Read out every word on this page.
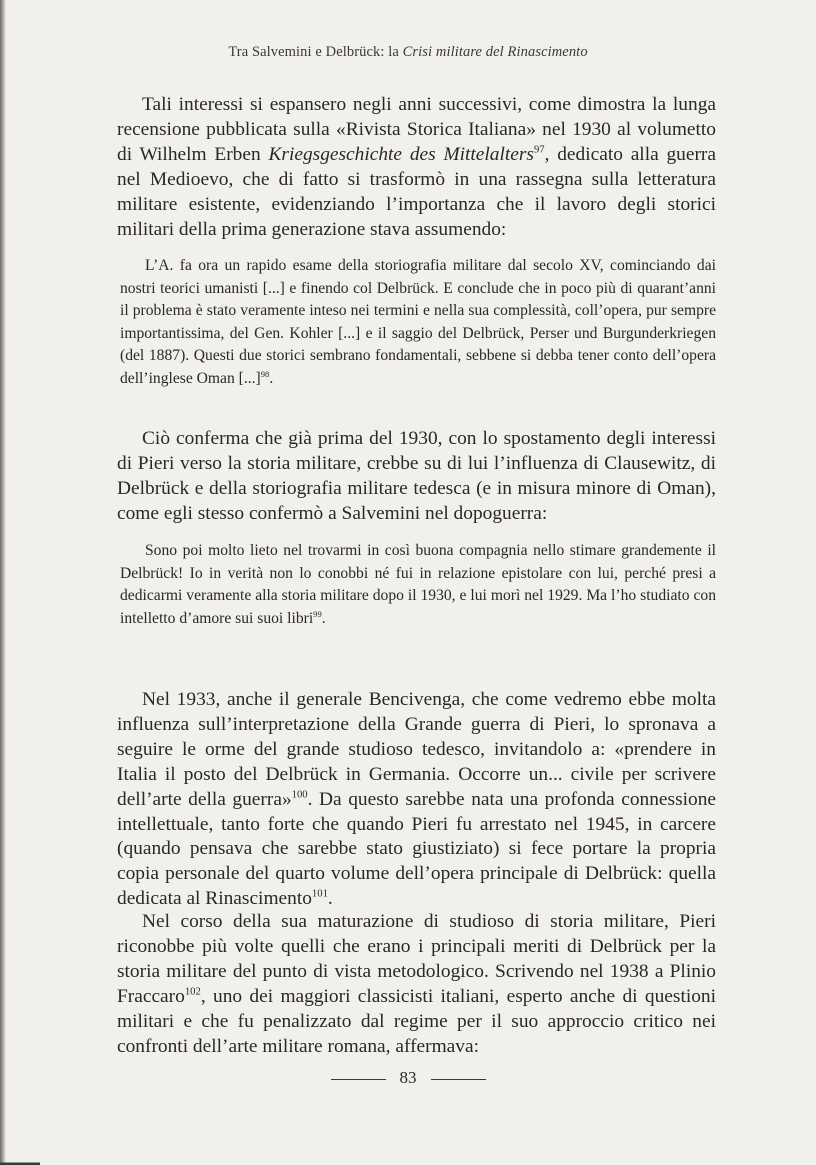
Tra Salvemini e Delbrück: la Crisi militare del Rinascimento

Tali interessi si espansero negli anni successivi, come dimostra la lunga recensione pubblicata sulla «Rivista Storica Italiana» nel 1930 al volumetto di Wilhelm Erben Kriegsgeschichte des Mittelalters$^{97}$, dedicato alla guerra nel Medioevo, che di fatto si trasformò in una rassegna sulla letteratura militare esistente, evidenziando l’importanza che il lavoro degli storici militari della prima generazione stava assumendo:

L’A. fa ora un rapido esame della storiografia militare dal secolo XV, cominciando dai nostri teorici umanisti [...] e finendo col Delbrück. E conclude che in poco più di quarant’anni il problema è stato veramente inteso nei termini e nella sua complessità, coll’opera, pur sempre importantissima, del Gen. Kohler [...] e il saggio del Delbrück, Perser und Burgunderkriegen (del 1887). Questi due storici sembrano fondamentali, sebbene si debba tener conto dell’opera dell’inglese Oman [...]$^{98}$.

Ciò conferma che già prima del 1930, con lo spostamento degli interessi di Pieri verso la storia militare, crebbe su di lui l’influenza di Clausewitz, di Delbrück e della storiografia militare tedesca (e in misura minore di Oman), come egli stesso confermò a Salvemini nel dopoguerra:

Sono poi molto lieto nel trovarmi in così buona compagnia nello stimare grandemente il Delbrück! Io in verità non lo conobbi né fui in relazione epistolare con lui, perché presi a dedicarmi veramente alla storia militare dopo il 1930, e lui morì nel 1929. Ma l’ho studiato con intelletto d’amore sui suoi libri$^{99}$.

Nel 1933, anche il generale Bencivenga, che come vedremo ebbe molta influenza sull’interpretazione della Grande guerra di Pieri, lo spronava a seguire le orme del grande studioso tedesco, invitandolo a: «prendere in Italia il posto del Delbrück in Germania. Occorre un... civile per scrivere dell’arte della guerra»$^{100}$. Da questo sarebbe nata una profonda connessione intellettuale, tanto forte che quando Pieri fu arrestato nel 1945, in carcere (quando pensava che sarebbe stato giustiziato) si fece portare la propria copia personale del quarto volume dell’opera principale di Delbrück: quella dedicata al Rinascimento$^{101}$.

Nel corso della sua maturazione di studioso di storia militare, Pieri riconobbe più volte quelli che erano i principali meriti di Delbrück per la storia militare del punto di vista metodologico. Scrivendo nel 1938 a Plinio Fraccaro$^{102}$, uno dei maggiori classicisti italiani, esperto anche di questioni militari e che fu penalizzato dal regime per il suo approccio critico nei confronti dell’arte militare romana, affermava:

83
